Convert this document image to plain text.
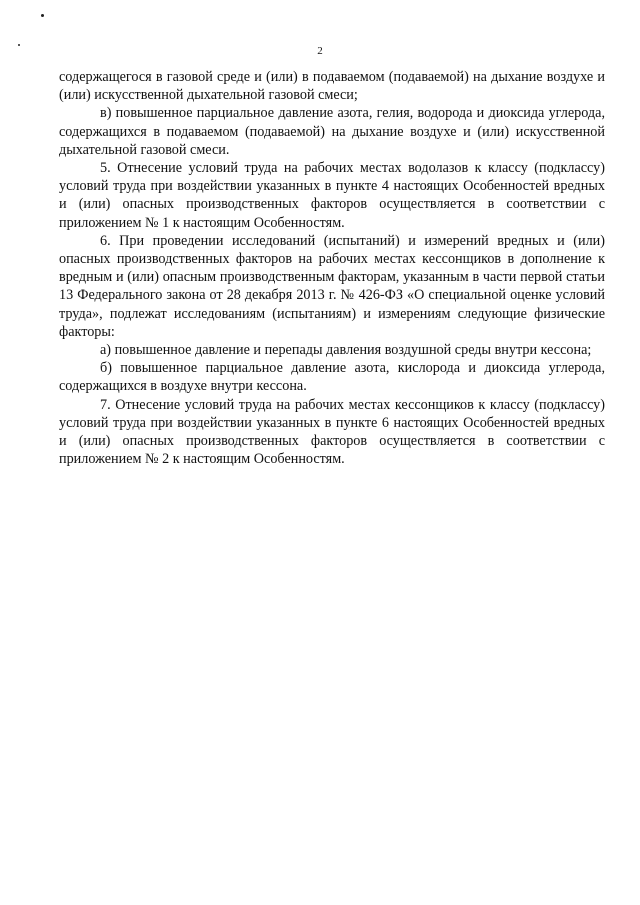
2

содержащегося в газовой среде и (или) в подаваемом (подаваемой) на дыхание воздухе и (или) искусственной дыхательной газовой смеси;

в) повышенное парциальное давление азота, гелия, водорода и диоксида углерода, содержащихся в подаваемом (подаваемой) на дыхание воздухе и (или) искусственной дыхательной газовой смеси.

5. Отнесение условий труда на рабочих местах водолазов к классу (подклассу) условий труда при воздействии указанных в пункте 4 настоящих Особенностей вредных и (или) опасных производственных факторов осуществляется в соответствии с приложением № 1 к настоящим Особенностям.

6. При проведении исследований (испытаний) и измерений вредных и (или) опасных производственных факторов на рабочих местах кессонщиков в дополнение к вредным и (или) опасным производственным факторам, указанным в части первой статьи 13 Федерального закона от 28 декабря 2013 г. № 426-ФЗ «О специальной оценке условий труда», подлежат исследованиям (испытаниям) и измерениям следующие физические факторы:

а) повышенное давление и перепады давления воздушной среды внутри кессона;

б) повышенное парциальное давление азота, кислорода и диоксида углерода, содержащихся в воздухе внутри кессона.

7. Отнесение условий труда на рабочих местах кессонщиков к классу (подклассу) условий труда при воздействии указанных в пункте 6 настоящих Особенностей вредных и (или) опасных производственных факторов осуществляется в соответствии с приложением № 2 к настоящим Особенностям.
